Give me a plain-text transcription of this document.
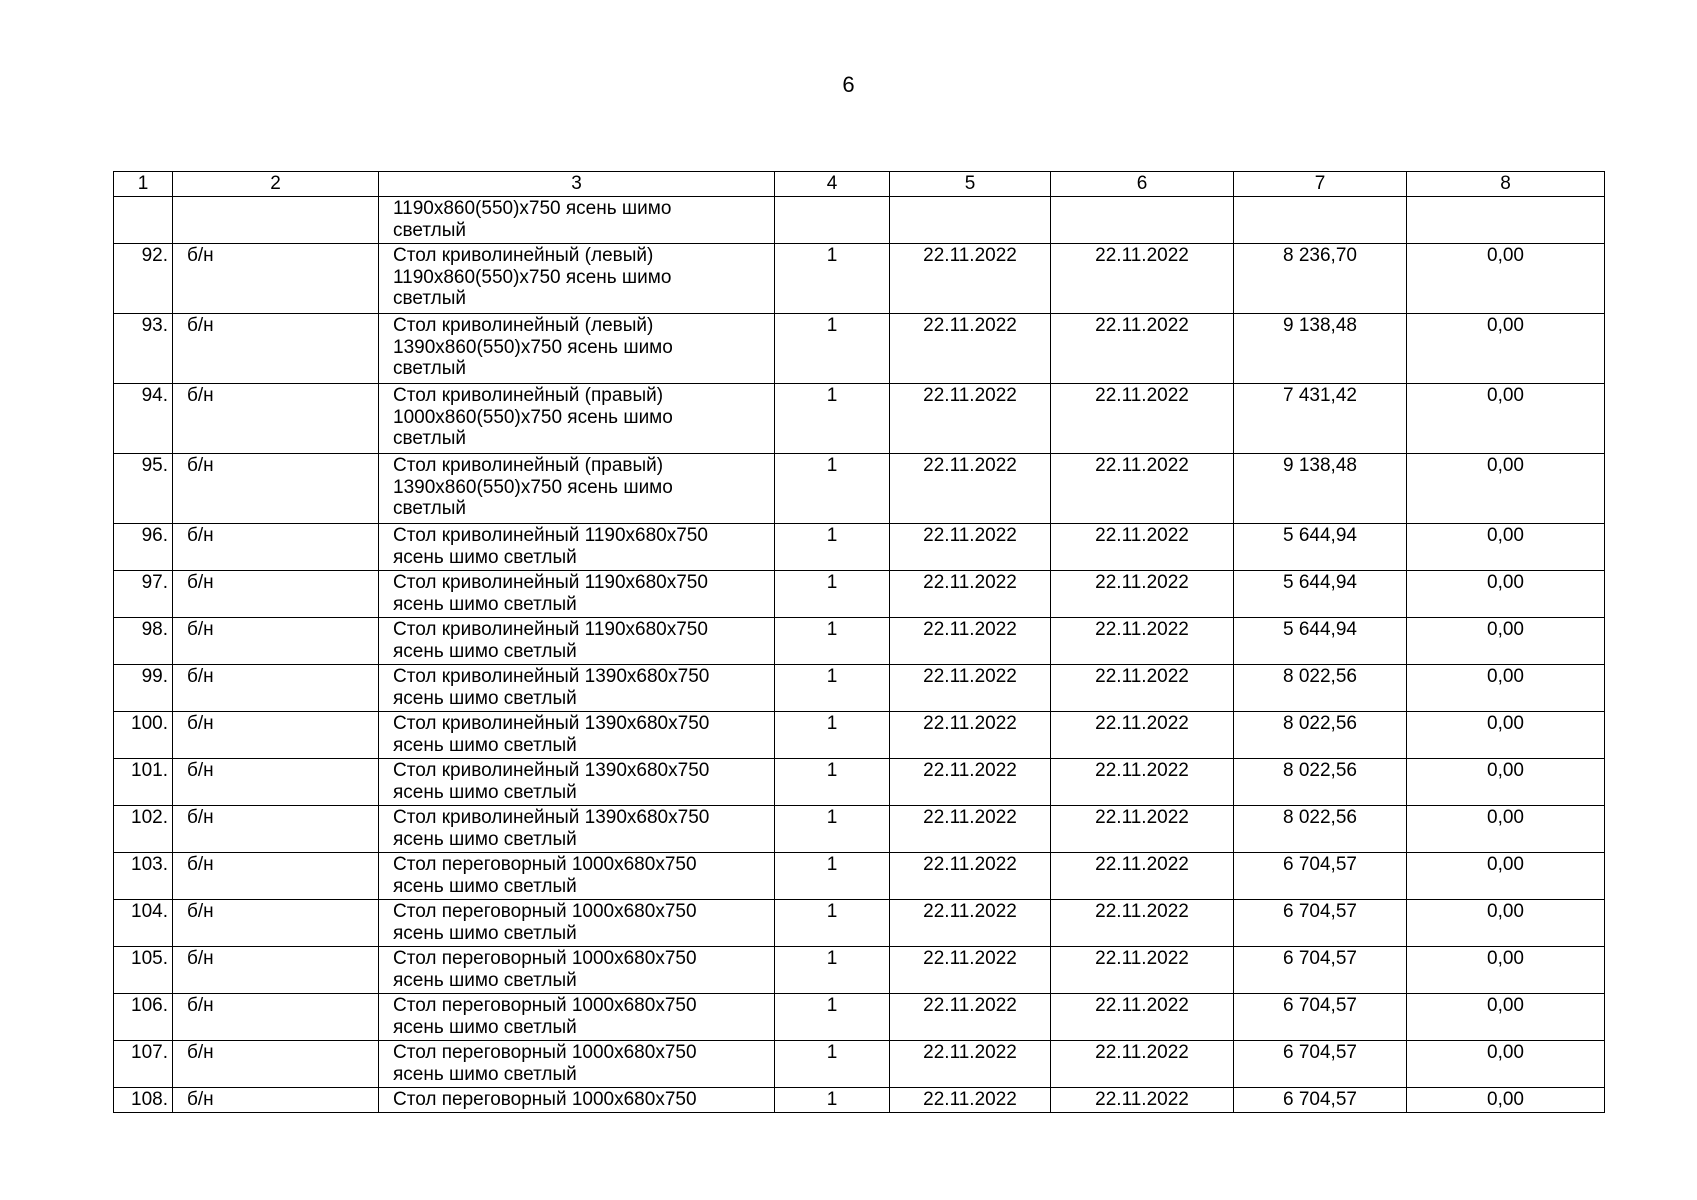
6
1	2	3	4	5	6	7	8
		1190x860(550)x750 ясень шимо
светлый					
92.	б/н	Стол криволинейный (левый)
1190x860(550)x750 ясень шимо
светлый	1	22.11.2022	22.11.2022	8 236,70	0,00
93.	б/н	Стол криволинейный (левый)
1390x860(550)x750 ясень шимо
светлый	1	22.11.2022	22.11.2022	9 138,48	0,00
94.	б/н	Стол криволинейный (правый)
1000x860(550)x750 ясень шимо
светлый	1	22.11.2022	22.11.2022	7 431,42	0,00
95.	б/н	Стол криволинейный (правый)
1390x860(550)x750 ясень шимо
светлый	1	22.11.2022	22.11.2022	9 138,48	0,00
96.	б/н	Стол криволинейный 1190x680x750
ясень шимо светлый	1	22.11.2022	22.11.2022	5 644,94	0,00
97.	б/н	Стол криволинейный 1190x680x750
ясень шимо светлый	1	22.11.2022	22.11.2022	5 644,94	0,00
98.	б/н	Стол криволинейный 1190x680x750
ясень шимо светлый	1	22.11.2022	22.11.2022	5 644,94	0,00
99.	б/н	Стол криволинейный 1390x680x750
ясень шимо светлый	1	22.11.2022	22.11.2022	8 022,56	0,00
100.	б/н	Стол криволинейный 1390x680x750
ясень шимо светлый	1	22.11.2022	22.11.2022	8 022,56	0,00
101.	б/н	Стол криволинейный 1390x680x750
ясень шимо светлый	1	22.11.2022	22.11.2022	8 022,56	0,00
102.	б/н	Стол криволинейный 1390x680x750
ясень шимо светлый	1	22.11.2022	22.11.2022	8 022,56	0,00
103.	б/н	Стол переговорный 1000x680x750
ясень шимо светлый	1	22.11.2022	22.11.2022	6 704,57	0,00
104.	б/н	Стол переговорный 1000x680x750
ясень шимо светлый	1	22.11.2022	22.11.2022	6 704,57	0,00
105.	б/н	Стол переговорный 1000x680x750
ясень шимо светлый	1	22.11.2022	22.11.2022	6 704,57	0,00
106.	б/н	Стол переговорный 1000x680x750
ясень шимо светлый	1	22.11.2022	22.11.2022	6 704,57	0,00
107.	б/н	Стол переговорный 1000x680x750
ясень шимо светлый	1	22.11.2022	22.11.2022	6 704,57	0,00
108.	б/н	Стол переговорный 1000x680x750	1	22.11.2022	22.11.2022	6 704,57	0,00
